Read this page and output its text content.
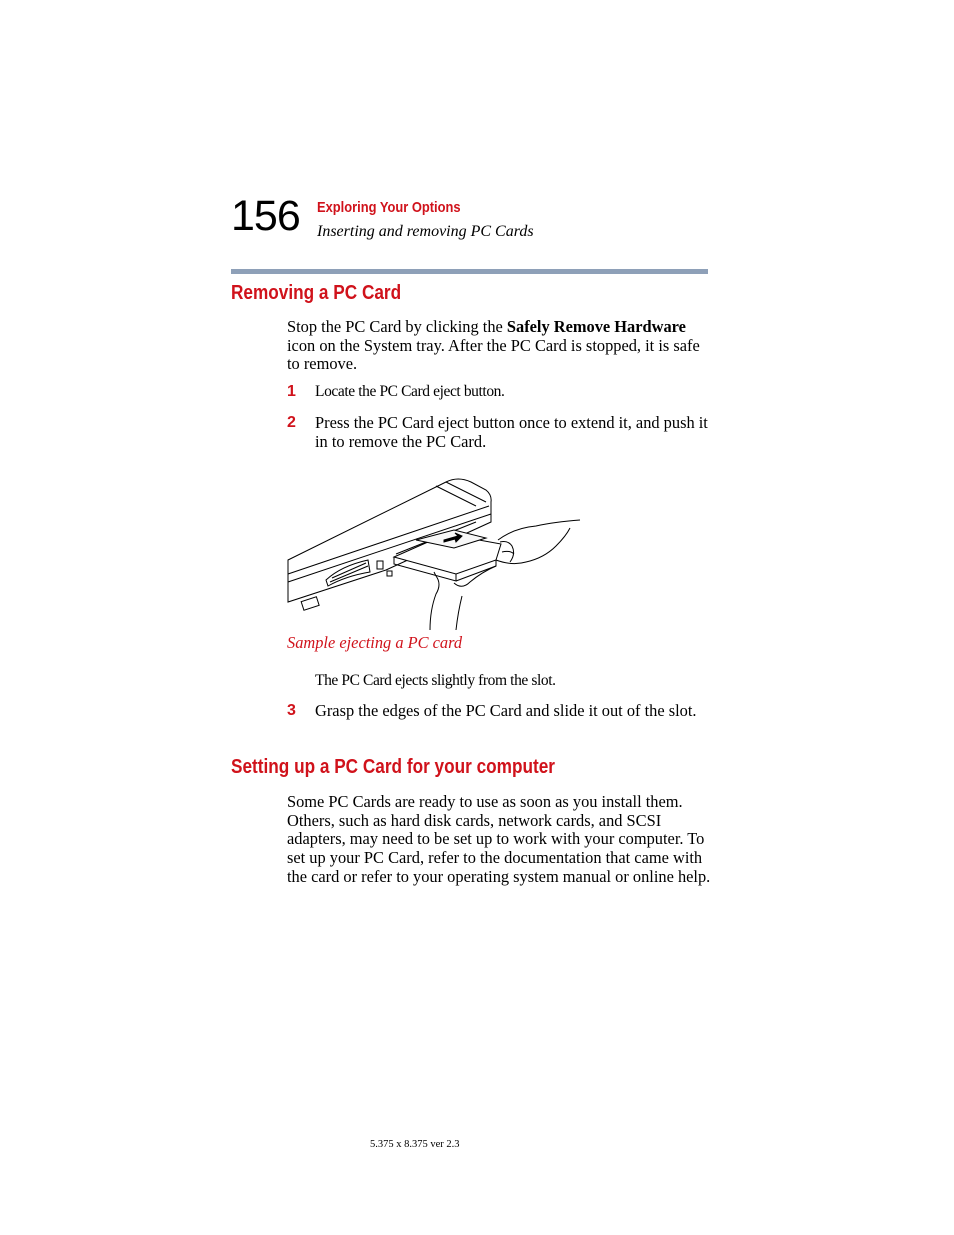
156 Exploring Your Options
Inserting and removing PC Cards
Removing a PC Card
Stop the PC Card by clicking the Safely Remove Hardware icon on the System tray. After the PC Card is stopped, it is safe to remove.
1 Locate the PC Card eject button.
2 Press the PC Card eject button once to extend it, and push it in to remove the PC Card.
Sample ejecting a PC card
The PC Card ejects slightly from the slot.
3 Grasp the edges of the PC Card and slide it out of the slot.
Setting up a PC Card for your computer
Some PC Cards are ready to use as soon as you install them. Others, such as hard disk cards, network cards, and SCSI adapters, may need to be set up to work with your computer. To set up your PC Card, refer to the documentation that came with the card or refer to your operating system manual or online help.
5.375 x 8.375 ver 2.3
